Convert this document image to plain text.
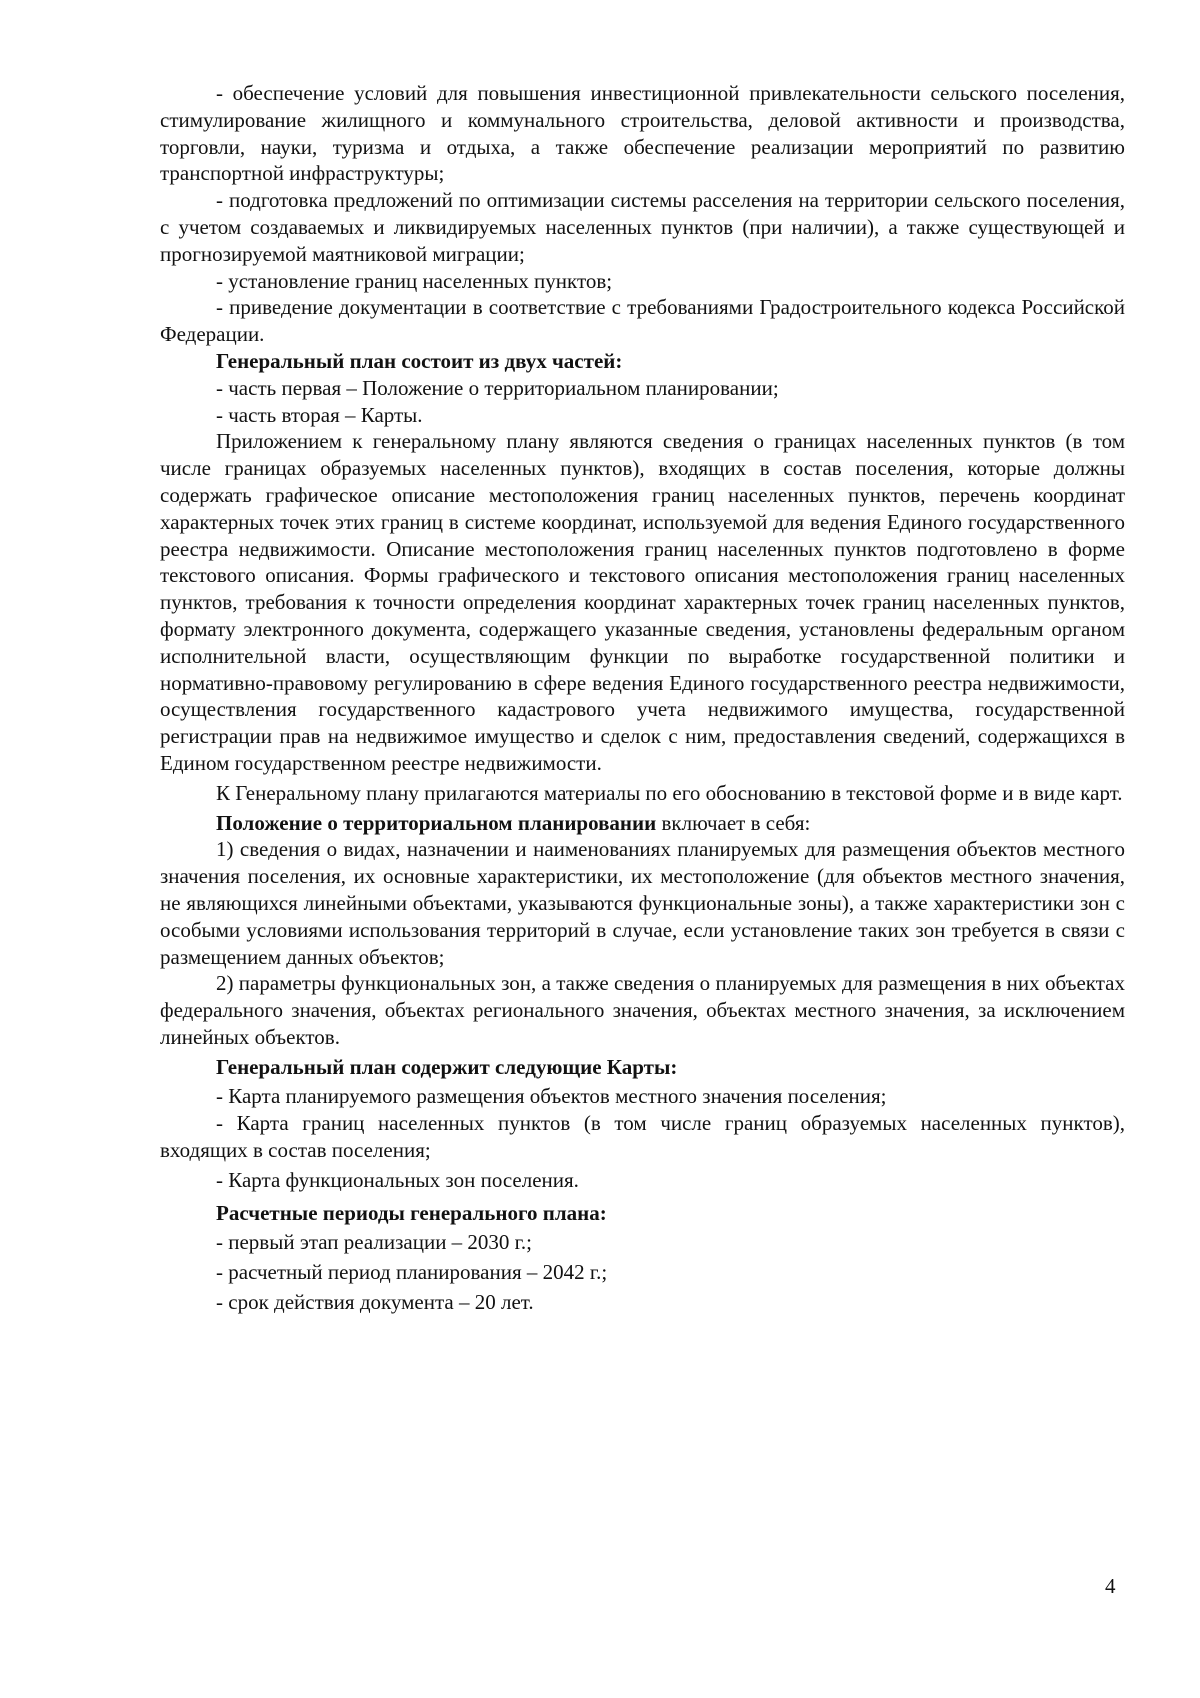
- обеспечение условий для повышения инвестиционной привлекательности сельского поселения, стимулирование жилищного и коммунального строительства, деловой активности и производства, торговли, науки, туризма и отдыха, а также обеспечение реализации мероприятий по развитию транспортной инфраструктуры;

- подготовка предложений по оптимизации системы расселения на территории сельского поселения, с учетом создаваемых и ликвидируемых населенных пунктов (при наличии), а также существующей и прогнозируемой маятниковой миграции;

- установление границ населенных пунктов;

- приведение документации в соответствие с требованиями Градостроительного кодекса Российской Федерации.

Генеральный план состоит из двух частей:

- часть первая – Положение о территориальном планировании;

- часть вторая – Карты.

Приложением к генеральному плану являются сведения о границах населенных пунктов (в том числе границах образуемых населенных пунктов), входящих в состав поселения, которые должны содержать графическое описание местоположения границ населенных пунктов, перечень координат характерных точек этих границ в системе координат, используемой для ведения Единого государственного реестра недвижимости. Описание местоположения границ населенных пунктов подготовлено в форме текстового описания. Формы графического и текстового описания местоположения границ населенных пунктов, требования к точности определения координат характерных точек границ населенных пунктов, формату электронного документа, содержащего указанные сведения, установлены федеральным органом исполнительной власти, осуществляющим функции по выработке государственной политики и нормативно-правовому регулированию в сфере ведения Единого государственного реестра недвижимости, осуществления государственного кадастрового учета недвижимого имущества, государственной регистрации прав на недвижимое имущество и сделок с ним, предоставления сведений, содержащихся в Едином государственном реестре недвижимости.

К Генеральному плану прилагаются материалы по его обоснованию в текстовой форме и в виде карт.

Положение о территориальном планировании включает в себя:

1) сведения о видах, назначении и наименованиях планируемых для размещения объектов местного значения поселения, их основные характеристики, их местоположение (для объектов местного значения, не являющихся линейными объектами, указываются функциональные зоны), а также характеристики зон с особыми условиями использования территорий в случае, если установление таких зон требуется в связи с размещением данных объектов;

2) параметры функциональных зон, а также сведения о планируемых для размещения в них объектах федерального значения, объектах регионального значения, объектах местного значения, за исключением линейных объектов.

Генеральный план содержит следующие Карты:

- Карта планируемого размещения объектов местного значения поселения;

- Карта границ населенных пунктов (в том числе границ образуемых населенных пунктов), входящих в состав поселения;

- Карта функциональных зон поселения.

Расчетные периоды генерального плана:

- первый этап реализации – 2030 г.;

- расчетный период планирования – 2042 г.;

- срок действия документа – 20 лет.

4
